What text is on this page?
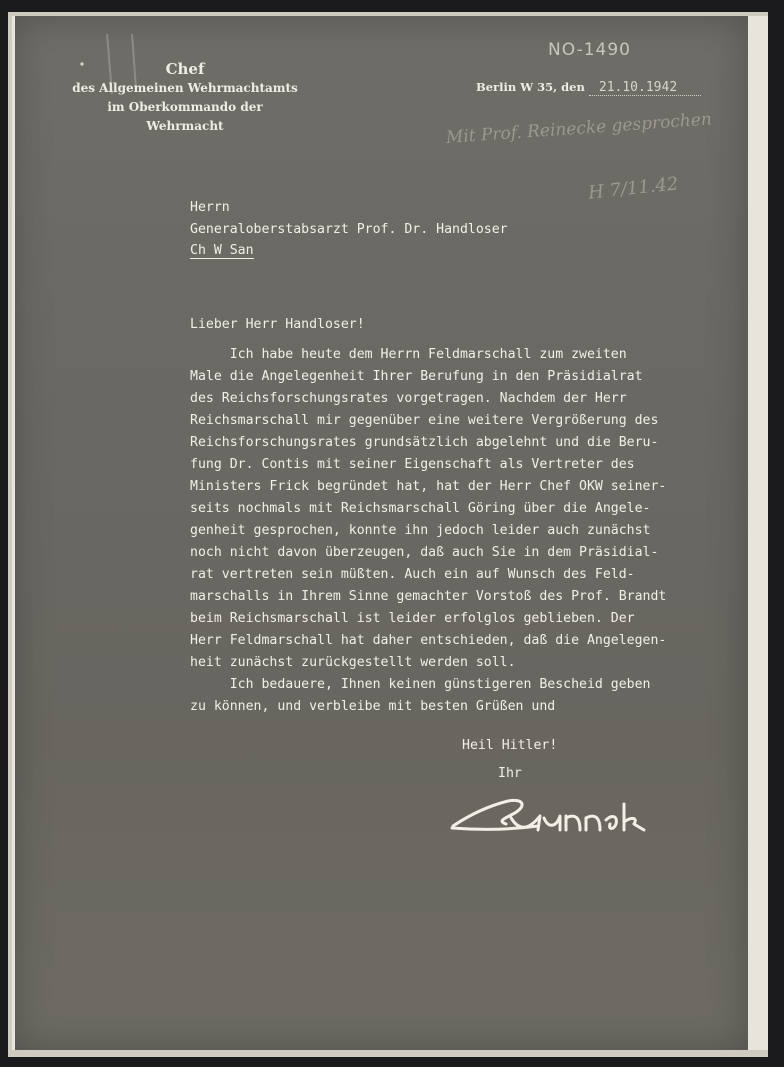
Chef
des Allgemeinen Wehrmachtamts
im Oberkommando der Wehrmacht
NO-1490
Berlin W 35, den 21.10.1942
Mit Prof. Reinecke gesprochen
H 7/11.42
Herrn
Generaloberstabsarzt Prof. Dr. Handloser
Ch W San
Lieber Herr Handloser!
Ich habe heute dem Herrn Feldmarschall zum zweiten
Male die Angelegenheit Ihrer Berufung in den Präsidialrat
des Reichsforschungsrates vorgetragen. Nachdem der Herr
Reichsmarschall mir gegenüber eine weitere Vergrößerung des
Reichsforschungsrates grundsätzlich abgelehnt und die Beru-
fung Dr. Contis mit seiner Eigenschaft als Vertreter des
Ministers Frick begründet hat, hat der Herr Chef OKW seiner-
seits nochmals mit Reichsmarschall Göring über die Angele-
genheit gesprochen, konnte ihn jedoch leider auch zunächst
noch nicht davon überzeugen, daß auch Sie in dem Präsidial-
rat vertreten sein müßten. Auch ein auf Wunsch des Feld-
marschalls in Ihrem Sinne gemachter Vorstoß des Prof. Brandt
beim Reichsmarschall ist leider erfolglos geblieben. Der
Herr Feldmarschall hat daher entschieden, daß die Angelegen-
heit zunächst zurückgestellt werden soll.
Ich bedauere, Ihnen keinen günstigeren Bescheid geben
zu können, und verbleibe mit besten Grüßen und
Heil Hitler!
Ihr
